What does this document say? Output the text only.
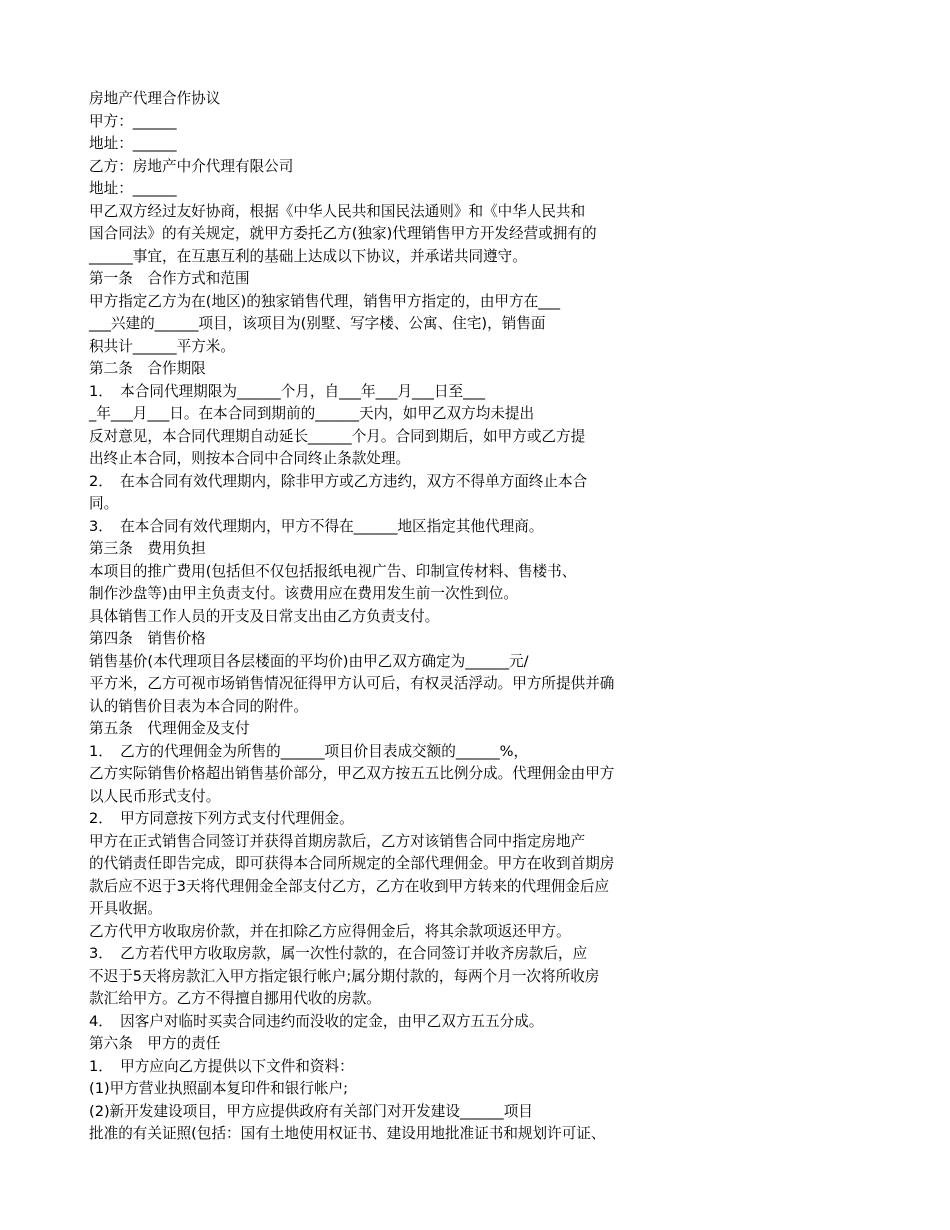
房地产代理合作协议
甲方：______
地址：______
乙方：房地产中介代理有限公司
地址：______
甲乙双方经过友好协商，根据《中华人民共和国民法通则》和《中华人民共和
国合同法》的有关规定，就甲方委托乙方(独家)代理销售甲方开发经营或拥有的
______事宜，在互惠互利的基础上达成以下协议，并承诺共同遵守。
第一条　合作方式和范围
甲方指定乙方为在(地区)的独家销售代理，销售甲方指定的，由甲方在___
___兴建的______项目，该项目为(别墅、写字楼、公寓、住宅)，销售面
积共计______平方米。
第二条　合作期限
1．　本合同代理期限为______个月，自___年___月___日至___
_年___月___日。在本合同到期前的______天内，如甲乙双方均未提出
反对意见，本合同代理期自动延长______个月。合同到期后，如甲方或乙方提
出终止本合同，则按本合同中合同终止条款处理。
2．　在本合同有效代理期内，除非甲方或乙方违约，双方不得单方面终止本合
同。
3．　在本合同有效代理期内，甲方不得在______地区指定其他代理商。
第三条　费用负担
本项目的推广费用(包括但不仅包括报纸电视广告、印制宣传材料、售楼书、
制作沙盘等)由甲主负责支付。该费用应在费用发生前一次性到位。
具体销售工作人员的开支及日常支出由乙方负责支付。
第四条　销售价格
销售基价(本代理项目各层楼面的平均价)由甲乙双方确定为______元/
平方米，乙方可视市场销售情况征得甲方认可后，有权灵活浮动。甲方所提供并确
认的销售价目表为本合同的附件。
第五条　代理佣金及支付
1．　乙方的代理佣金为所售的______项目价目表成交额的______%，
乙方实际销售价格超出销售基价部分，甲乙双方按五五比例分成。代理佣金由甲方
以人民币形式支付。
2．　甲方同意按下列方式支付代理佣金。
甲方在正式销售合同签订并获得首期房款后，乙方对该销售合同中指定房地产
的代销责任即告完成，即可获得本合同所规定的全部代理佣金。甲方在收到首期房
款后应不迟于3天将代理佣金全部支付乙方，乙方在收到甲方转来的代理佣金后应
开具收据。
乙方代甲方收取房价款，并在扣除乙方应得佣金后，将其余款项返还甲方。
3．　乙方若代甲方收取房款，属一次性付款的，在合同签订并收齐房款后，应
不迟于5天将房款汇入甲方指定银行帐户;属分期付款的，每两个月一次将所收房
款汇给甲方。乙方不得擅自挪用代收的房款。
4．　因客户对临时买卖合同违约而没收的定金，由甲乙双方五五分成。
第六条　甲方的责任
1．　甲方应向乙方提供以下文件和资料：
(1)甲方营业执照副本复印件和银行帐户;
(2)新开发建设项目，甲方应提供政府有关部门对开发建设______项目
批准的有关证照(包括：国有土地使用权证书、建设用地批准证书和规划许可证、
